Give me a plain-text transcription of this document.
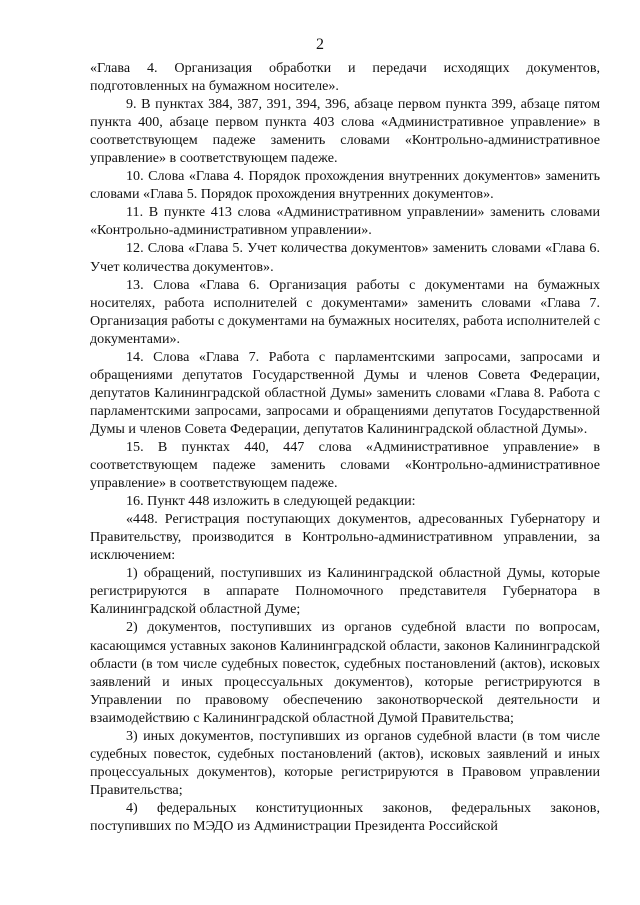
2

«Глава 4. Организация обработки и передачи исходящих документов, подготовленных на бумажном носителе».

9. В пунктах 384, 387, 391, 394, 396, абзаце первом пункта 399, абзаце пятом пункта 400, абзаце первом пункта 403 слова «Административное управление» в соответствующем падеже заменить словами «Контрольно-административное управление» в соответствующем падеже.

10. Слова «Глава 4. Порядок прохождения внутренних документов» заменить словами «Глава 5. Порядок прохождения внутренних документов».

11. В пункте 413 слова «Административном управлении» заменить словами «Контрольно-административном управлении».

12. Слова «Глава 5. Учет количества документов» заменить словами «Глава 6. Учет количества документов».

13. Слова «Глава 6. Организация работы с документами на бумажных носителях, работа исполнителей с документами» заменить словами «Глава 7. Организация работы с документами на бумажных носителях, работа исполнителей с документами».

14. Слова «Глава 7. Работа с парламентскими запросами, запросами и обращениями депутатов Государственной Думы и членов Совета Федерации, депутатов Калининградской областной Думы» заменить словами «Глава 8. Работа с парламентскими запросами, запросами и обращениями депутатов Государственной Думы и членов Совета Федерации, депутатов Калининградской областной Думы».

15. В пунктах 440, 447 слова «Административное управление» в соответствующем падеже заменить словами «Контрольно-административное управление» в соответствующем падеже.

16. Пункт 448 изложить в следующей редакции:

«448. Регистрация поступающих документов, адресованных Губернатору и Правительству, производится в Контрольно-административном управлении, за исключением:

1) обращений, поступивших из Калининградской областной Думы, которые регистрируются в аппарате Полномочного представителя Губернатора в Калининградской областной Думе;

2) документов, поступивших из органов судебной власти по вопросам, касающимся уставных законов Калининградской области, законов Калининградской области (в том числе судебных повесток, судебных постановлений (актов), исковых заявлений и иных процессуальных документов), которые регистрируются в Управлении по правовому обеспечению законотворческой деятельности и взаимодействию с Калининградской областной Думой Правительства;

3) иных документов, поступивших из органов судебной власти (в том числе судебных повесток, судебных постановлений (актов), исковых заявлений и иных процессуальных документов), которые регистрируются в Правовом управлении Правительства;

4) федеральных конституционных законов, федеральных законов, поступивших по МЭДО из Администрации Президента Российской
